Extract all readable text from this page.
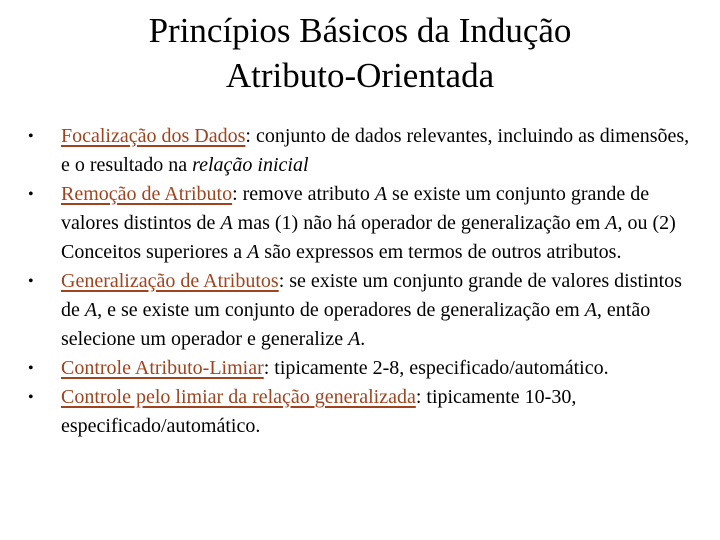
Princípios Básicos da Indução
Atributo-Orientada
• Focalização dos Dados: conjunto de dados relevantes, incluindo as dimensões, e o resultado na relação inicial
• Remoção de Atributo: remove atributo A se existe um conjunto grande de valores distintos de A mas (1) não há operador de generalização em A, ou (2) Conceitos superiores a A são expressos em termos de outros atributos.
• Generalização de Atributos: se existe um conjunto grande de valores distintos de A, e se existe um conjunto de operadores de generalização em A, então selecione um operador e generalize A.
• Controle Atributo-Limiar: tipicamente 2-8, especificado/automático.
• Controle pelo limiar da relação generalizada: tipicamente 10-30, especificado/automático.
